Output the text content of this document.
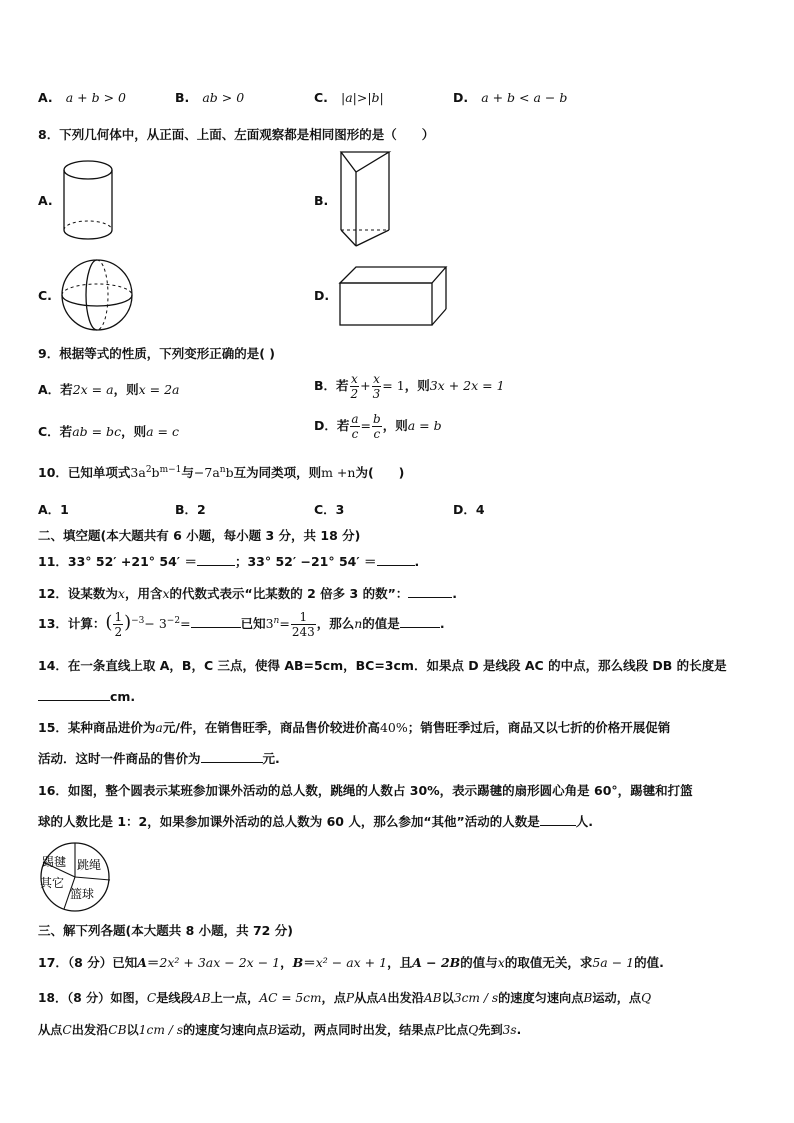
A. a + b > 0	B. ab > 0	C. |a|>|b|	D. a + b < a − b
8．下列几何体中，从正面、上面、左面观察都是相同图形的是（　　）
A.	B.
C.	D.
9．根据等式的性质，下列变形正确的是( )
A．若2x = a，则x = 2a	B．若 $\frac{x}{2} + \frac{x}{3} = 1$，则3x + 2x = 1
C．若ab = bc，则a = c	D．若 $\frac{a}{c} = \frac{b}{c}$ ，则a = b
10．已知单项式$3a^2b^{m-1}$与$-7a^nb$互为同类项，则m +n为(　　)
A．1	B．2	C．3	D．4
二、填空题(本大题共有 6 小题，每小题 3 分，共 18 分)
11．33° 52′ +21° 54′ ＝	；33° 52′ −21° 54′ ＝	.
12．设某数为x，用含x的代数式表示“比某数的 2 倍多 3 的数”：	.
13．计算：( $\frac{1}{2} )^{-3}- 3^{-2}=$	已知$3^n= \frac{1}{243}$ ，那么n的值是	.
14．在一条直线上取 A，B，C 三点，使得 AB=5cm，BC=3cm．如果点 D 是线段 AC 的中点，那么线段 DB 的长度是
cm.
15．某种商品进价为a元/件，在销售旺季，商品售价较进价高40%；销售旺季过后，商品又以七折的价格开展促销
活动．这时一件商品的售价为	元.
16．如图，整个圆表示某班参加课外活动的总人数，跳绳的人数占 30%，表示踢毽的扇形圆心角是 60°，踢毽和打篮
球的人数比是 1：2，如果参加课外活动的总人数为 60 人，那么参加“其他”活动的人数是	人.
踢毽 跳绳
其它
篮球
三、解下列各题(本大题共 8 小题，共 72 分)
17．（8 分）已知A＝2x² + 3ax − 2x − 1，B＝x² − ax + 1，且A − 2B的值与x的取值无关，求5a − 1的值.
18．（8 分）如图，C是线段AB上一点，AC = 5cm，点P从点A出发沿AB以3cm / s的速度匀速向点B运动，点Q
从点C出发沿CB以1cm / s的速度匀速向点B运动，两点同时出发，结果点P比点Q先到3s.
